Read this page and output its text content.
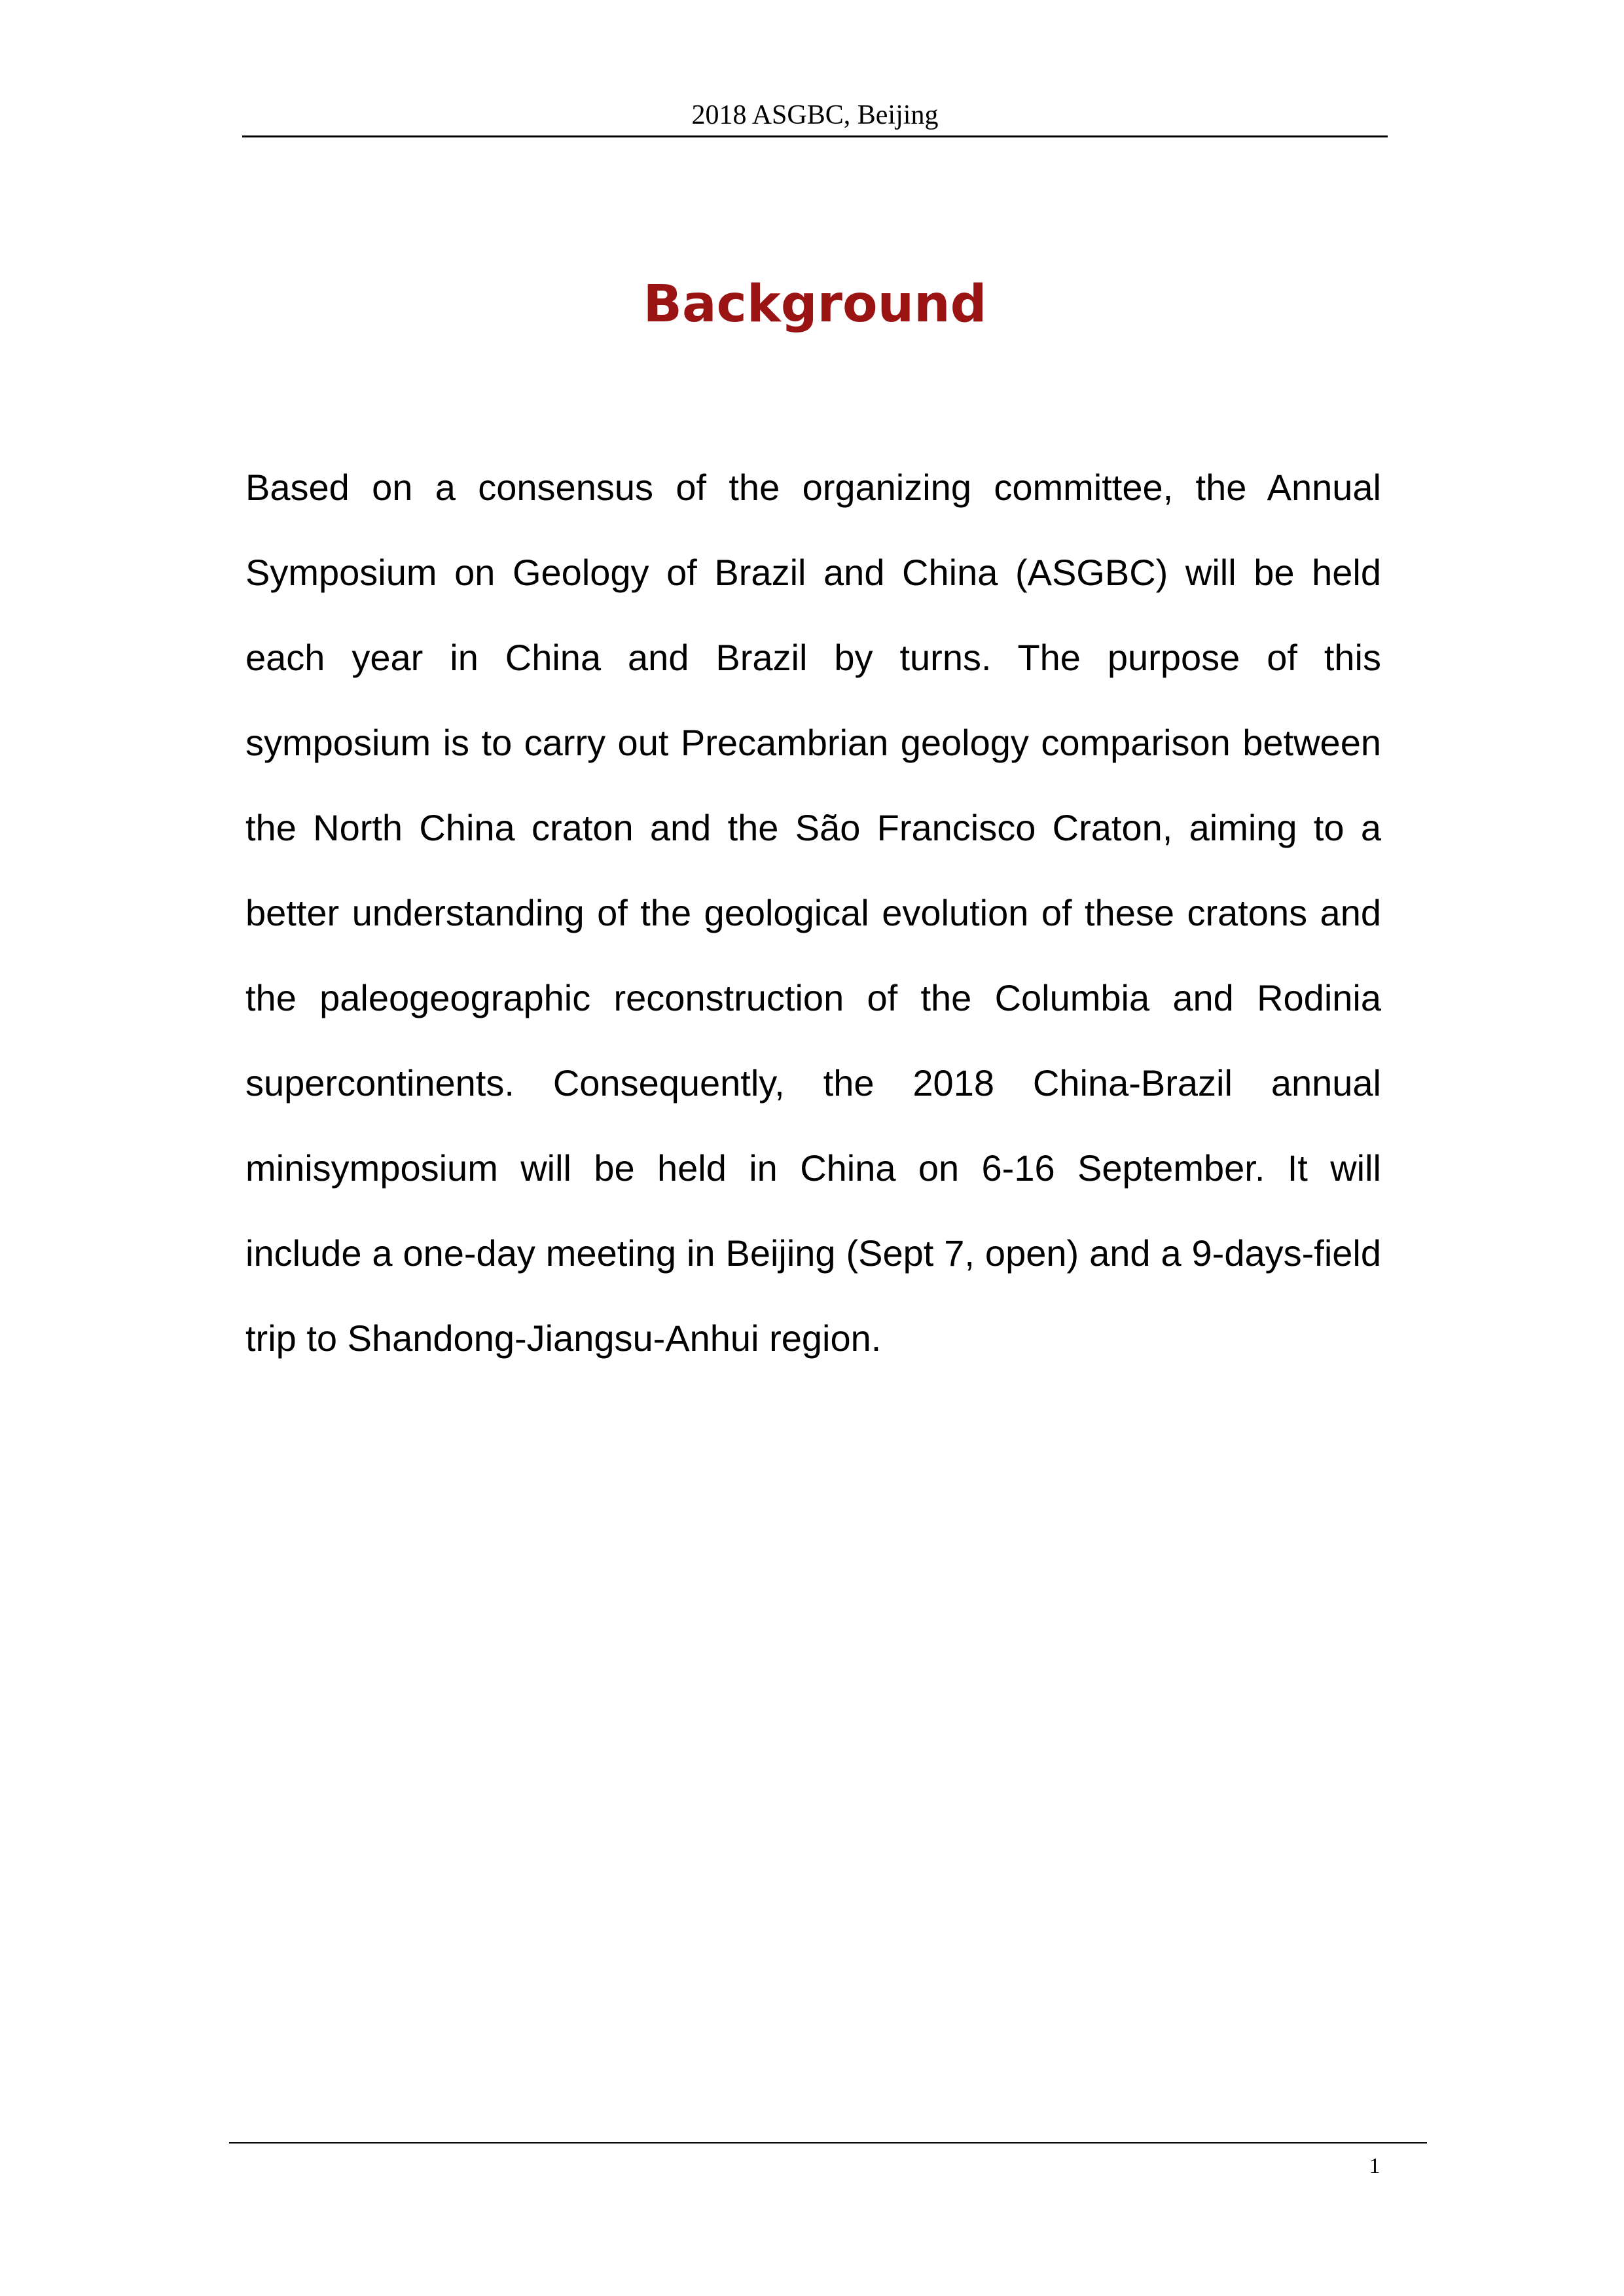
2018 ASGBC, Beijing
Background

Based on a consensus of the organizing committee, the Annual Symposium on Geology of Brazil and China (ASGBC) will be held each year in China and Brazil by turns. The purpose of this symposium is to carry out Precambrian geology comparison between the North China craton and the São Francisco Craton, aiming to a better understanding of the geological evolution of these cratons and the paleogeographic reconstruction of the Columbia and Rodinia supercontinents. Consequently, the 2018 China-Brazil annual minisymposium will be held in China on 6-16 September. It will include a one-day meeting in Beijing (Sept 7, open) and a 9-days-field trip to Shandong-Jiangsu-Anhui region.

1
